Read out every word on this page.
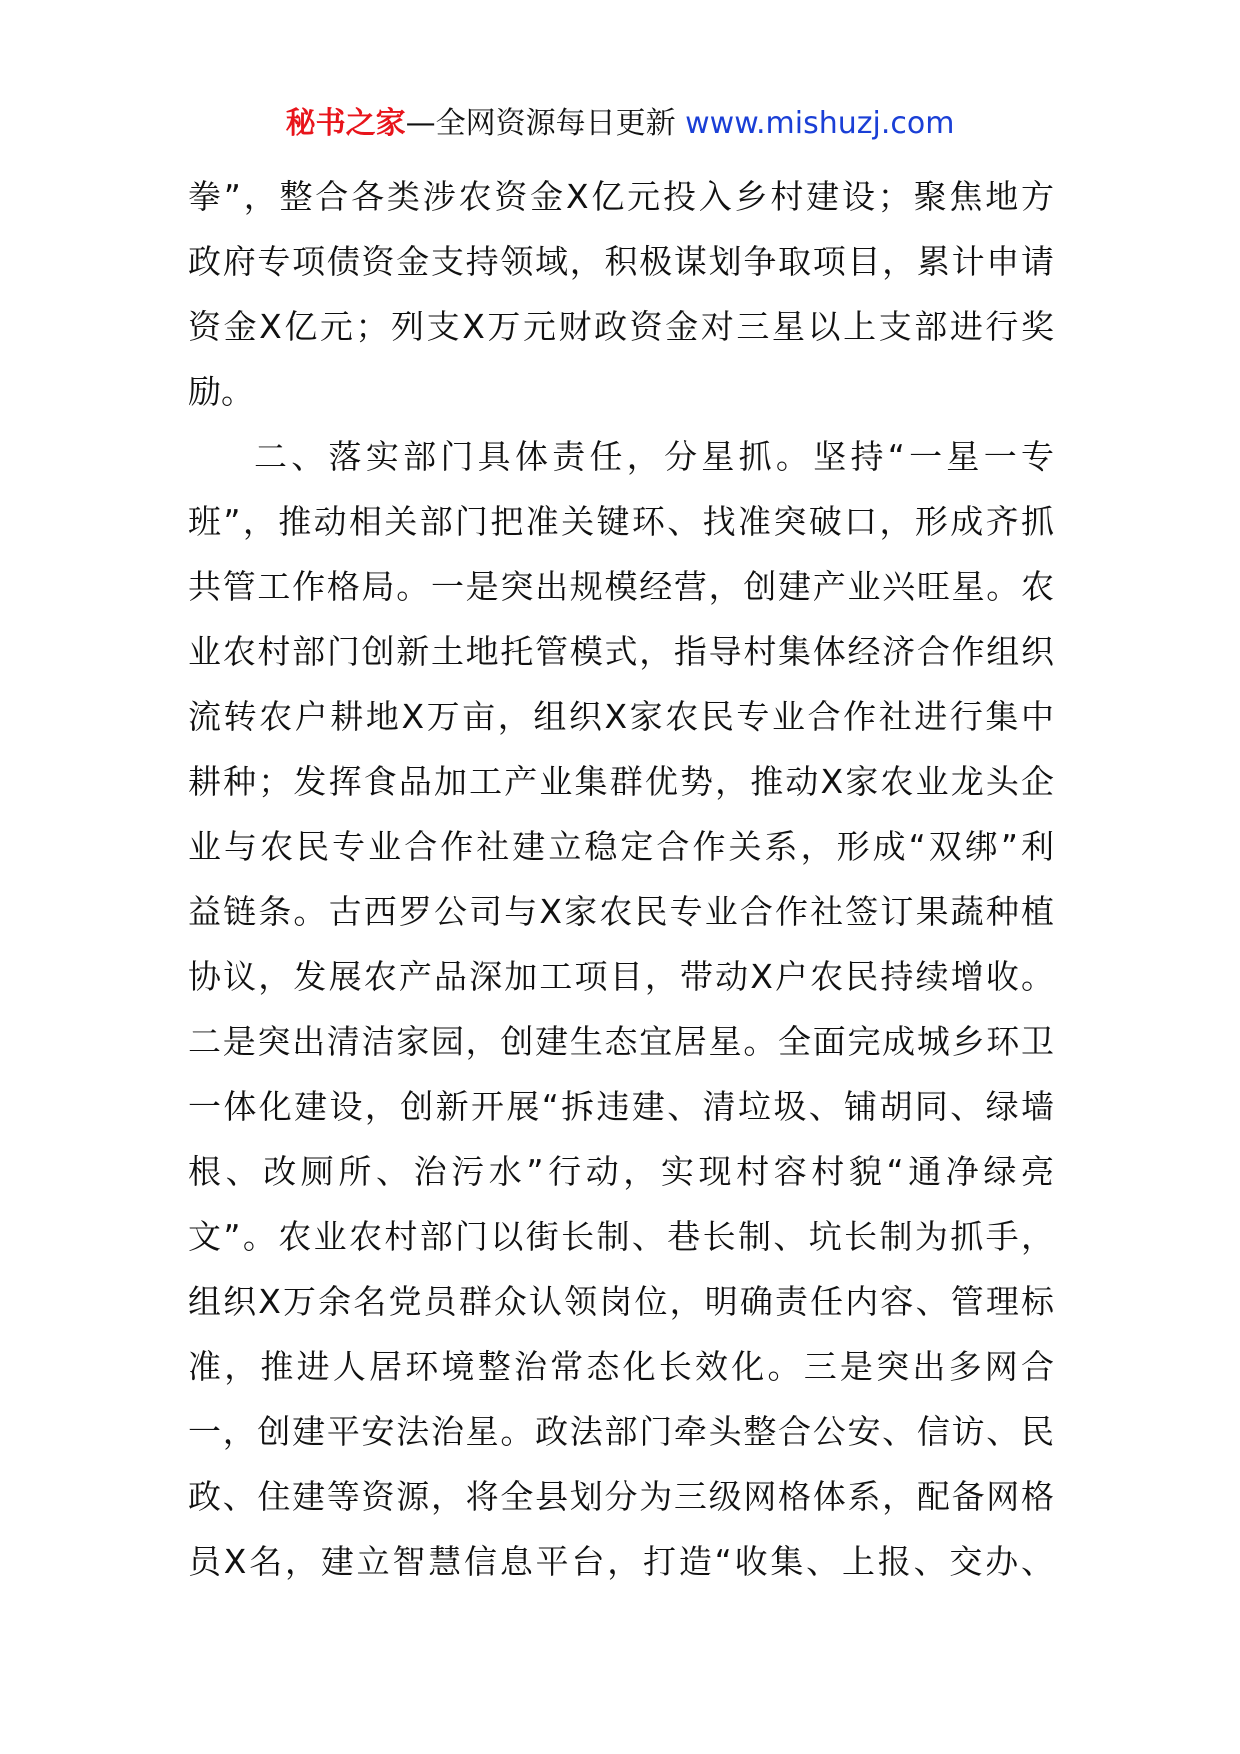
秘书之家—全网资源每日更新 www.mishuzj.com
拳”，整合各类涉农资金X亿元投入乡村建设；聚焦地方
政府专项债资金支持领域，积极谋划争取项目，累计申请
资金X亿元；列支X万元财政资金对三星以上支部进行奖
励。
二、落实部门具体责任，分星抓。坚持“一星一专
班”，推动相关部门把准关键环、找准突破口，形成齐抓
共管工作格局。一是突出规模经营，创建产业兴旺星。农
业农村部门创新土地托管模式，指导村集体经济合作组织
流转农户耕地X万亩，组织X家农民专业合作社进行集中
耕种；发挥食品加工产业集群优势，推动X家农业龙头企
业与农民专业合作社建立稳定合作关系，形成“双绑”利
益链条。古西罗公司与X家农民专业合作社签订果蔬种植
协议，发展农产品深加工项目，带动X户农民持续增收。
二是突出清洁家园，创建生态宜居星。全面完成城乡环卫
一体化建设，创新开展“拆违建、清垃圾、铺胡同、绿墙
根、改厕所、治污水”行动，实现村容村貌“通净绿亮
文”。农业农村部门以街长制、巷长制、坑长制为抓手，
组织X万余名党员群众认领岗位，明确责任内容、管理标
准，推进人居环境整治常态化长效化。三是突出多网合
一，创建平安法治星。政法部门牵头整合公安、信访、民
政、住建等资源，将全县划分为三级网格体系，配备网格
员X名，建立智慧信息平台，打造“收集、上报、交办、
